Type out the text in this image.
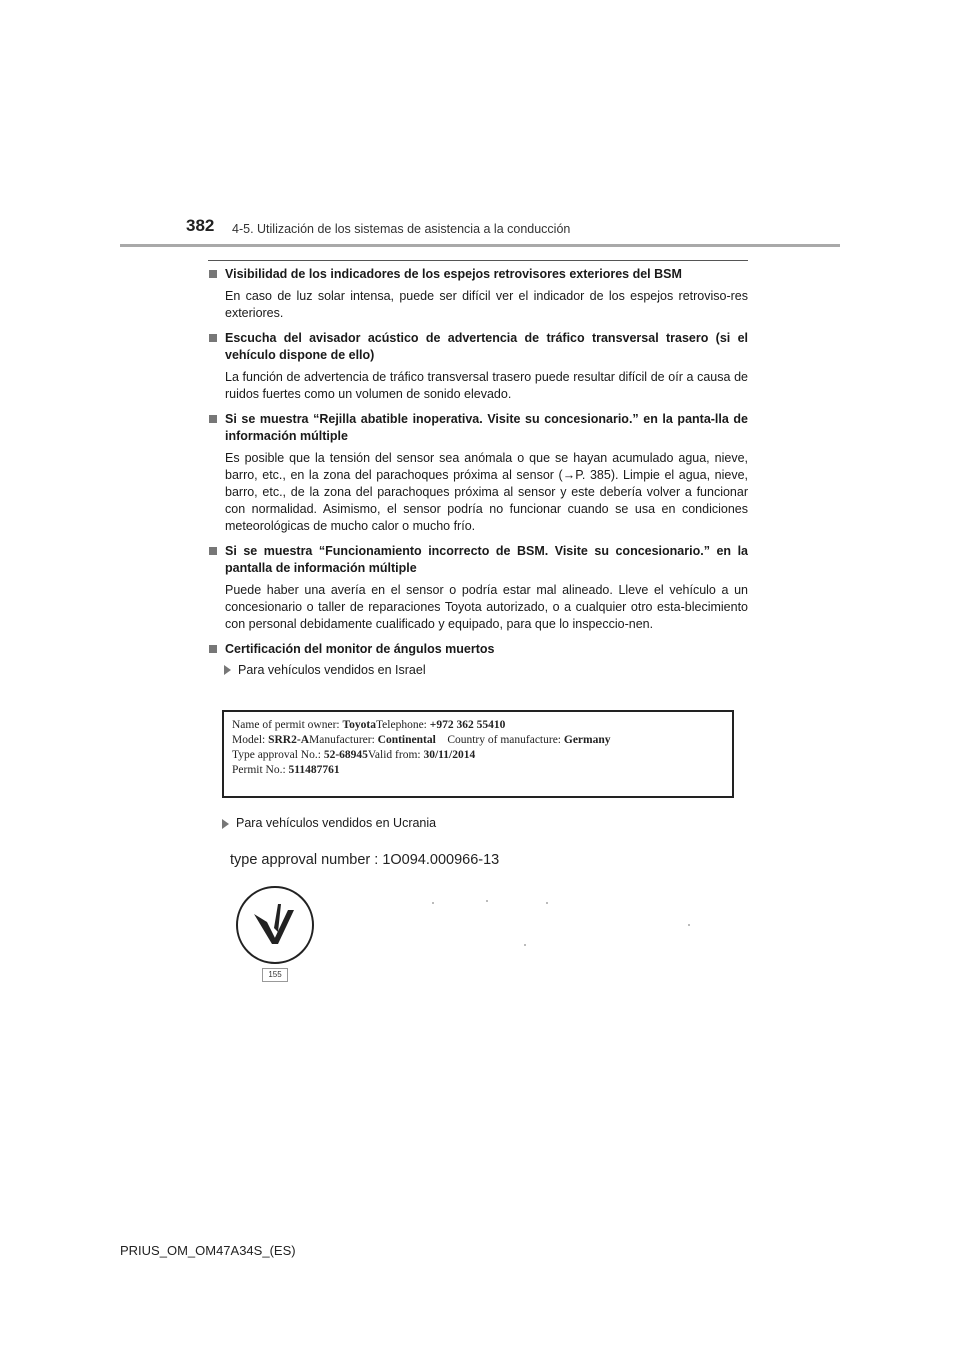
382 4-5. Utilización de los sistemas de asistencia a la conducción
Visibilidad de los indicadores de los espejos retrovisores exteriores del BSM
En caso de luz solar intensa, puede ser difícil ver el indicador de los espejos retroviso-res exteriores.
Escucha del avisador acústico de advertencia de tráfico transversal trasero (si el vehículo dispone de ello)
La función de advertencia de tráfico transversal trasero puede resultar difícil de oír a causa de ruidos fuertes como un volumen de sonido elevado.
Si se muestra “Rejilla abatible inoperativa. Visite su concesionario.” en la panta-lla de información múltiple
Es posible que la tensión del sensor sea anómala o que se hayan acumulado agua, nieve, barro, etc., en la zona del parachoques próxima al sensor (→P. 385). Limpie el agua, nieve, barro, etc., de la zona del parachoques próxima al sensor y este debería volver a funcionar con normalidad. Asimismo, el sensor podría no funcionar cuando se usa en condiciones meteorológicas de mucho calor o mucho frío.
Si se muestra “Funcionamiento incorrecto de BSM. Visite su concesionario.” en la pantalla de información múltiple
Puede haber una avería en el sensor o podría estar mal alineado. Lleve el vehículo a un concesionario o taller de reparaciones Toyota autorizado, o a cualquier otro esta-blecimiento con personal debidamente cualificado y equipado, para que lo inspeccio-nen.
Certificación del monitor de ángulos muertos
Para vehículos vendidos en Israel
Name of permit owner: ToyotaTelephone: +972 362 55410
Model: SRR2-AManufacturer: Continental Country of manufacture: Germany
Type approval No.: 52-68945Valid from: 30/11/2014
Permit No.: 511487761
Para vehículos vendidos en Ucrania
type approval number : 1O094.000966-13
155
PRIUS_OM_OM47A34S_(ES)
